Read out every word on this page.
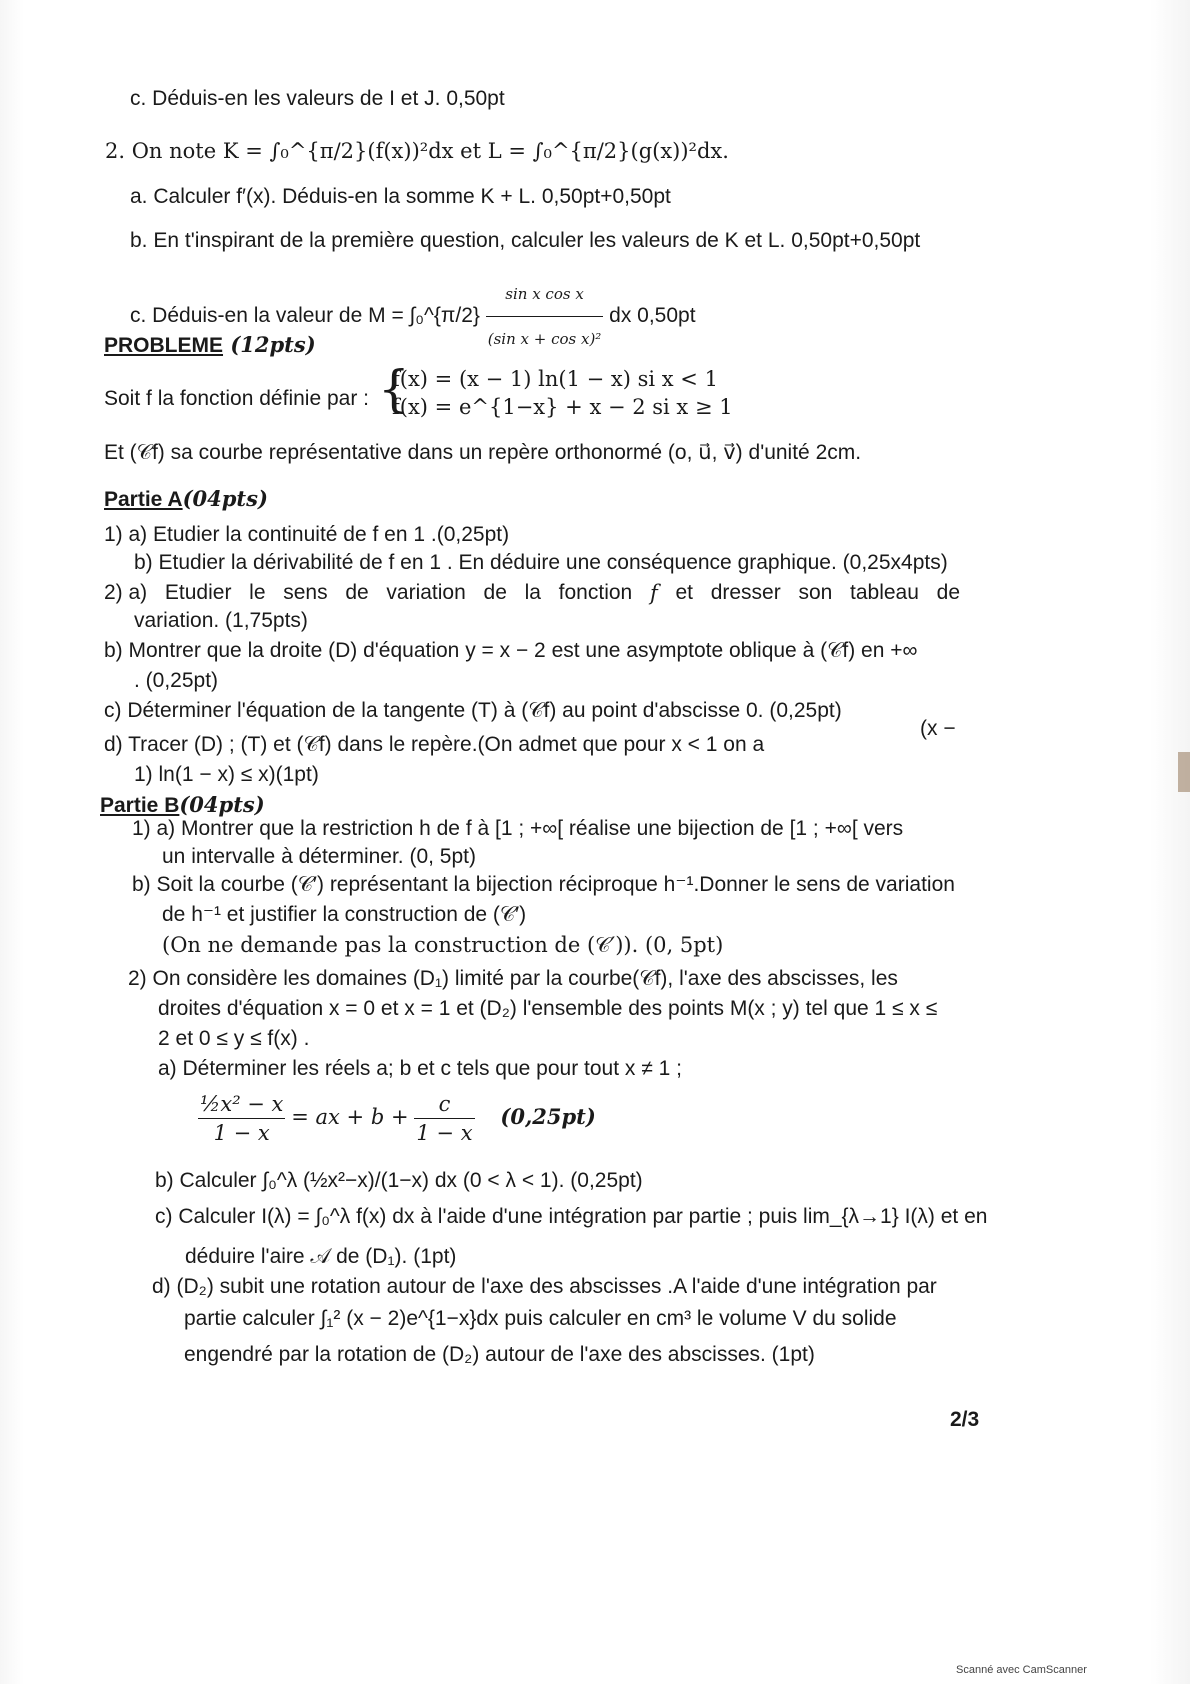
c. Déduis-en les valeurs de I et J. 0,50pt
2. On note K = ∫₀^{π/2}(f(x))²dx et L = ∫₀^{π/2}(g(x))²dx.
a. Calculer f′(x). Déduis-en la somme K + L. 0,50pt+0,50pt
b. En t'inspirant de la première question, calculer les valeurs de K et L. 0,50pt+0,50pt
c. Déduis-en la valeur de M = ∫₀^{π/2} $\frac{\text{sin x cos x}}{\text{(sin x + cos x)²}}$ dx 0,50pt
PROBLEME (12pts)
Soit f la fonction définie par : {
f(x) = (x − 1) ln(1 − x) si x < 1
f(x) = e^{1−x} + x − 2 si x ≥ 1
Et (𝒞f) sa courbe représentative dans un repère orthonormé (o, u⃗, v⃗) d'unité 2cm.
Partie A(04pts)
1) a) Etudier la continuité de f en 1 .(0,25pt)
b) Etudier la dérivabilité de f en 1 . En déduire une conséquence graphique. (0,25x4pts)
2) a) Etudier le sens de variation de la fonction f et dresser son tableau de
variation. (1,75pts)
b) Montrer que la droite (D) d'équation y = x − 2 est une asymptote oblique à (𝒞f) en +∞
. (0,25pt)
c) Déterminer l'équation de la tangente (T) à (𝒞f) au point d'abscisse 0. (0,25pt)
d) Tracer (D) ; (T) et (𝒞f) dans le repère.(On admet que pour x < 1 on a
(x −
1) ln(1 − x) ≤ x)(1pt)
Partie B(04pts)
1) a) Montrer que la restriction h de f à [1 ; +∞[ réalise une bijection de [1 ; +∞[ vers
un intervalle à déterminer. (0, 5pt)
b) Soit la courbe (𝒞′) représentant la bijection réciproque h⁻¹.Donner le sens de variation
de h⁻¹ et justifier la construction de (𝒞′)
(On ne demande pas la construction de (𝒞′)). (0, 5pt)
2) On considère les domaines (D₁) limité par la courbe(𝒞f), l'axe des abscisses, les
droites d'équation x = 0 et x = 1 et (D₂) l'ensemble des points M(x ; y) tel que 1 ≤ x ≤
2 et 0 ≤ y ≤ f(x) .
a) Déterminer les réels a; b et c tels que pour tout x ≠ 1 ;
$\frac{\text{½x² − x}}{1 - x}$ = ax + $b + \frac{c}{1 - x} (0,25pt)$
b) Calculer ∫₀^λ (½x²−x)/(1−x) dx (0 < λ < 1). (0,25pt)
c) Calculer I(λ) = ∫₀^λ f(x) dx à l'aide d'une intégration par partie ; puis lim_{λ→1} I(λ) et en
déduire l'aire 𝒜 de (D₁). (1pt)
d) (D₂) subit une rotation autour de l'axe des abscisses .A l'aide d'une intégration par
partie calculer ∫₁² (x − 2)e^{1−x}dx puis calculer en cm³ le volume V du solide
engendré par la rotation de (D₂) autour de l'axe des abscisses. (1pt)
2/3
Scanné avec CamScanner
